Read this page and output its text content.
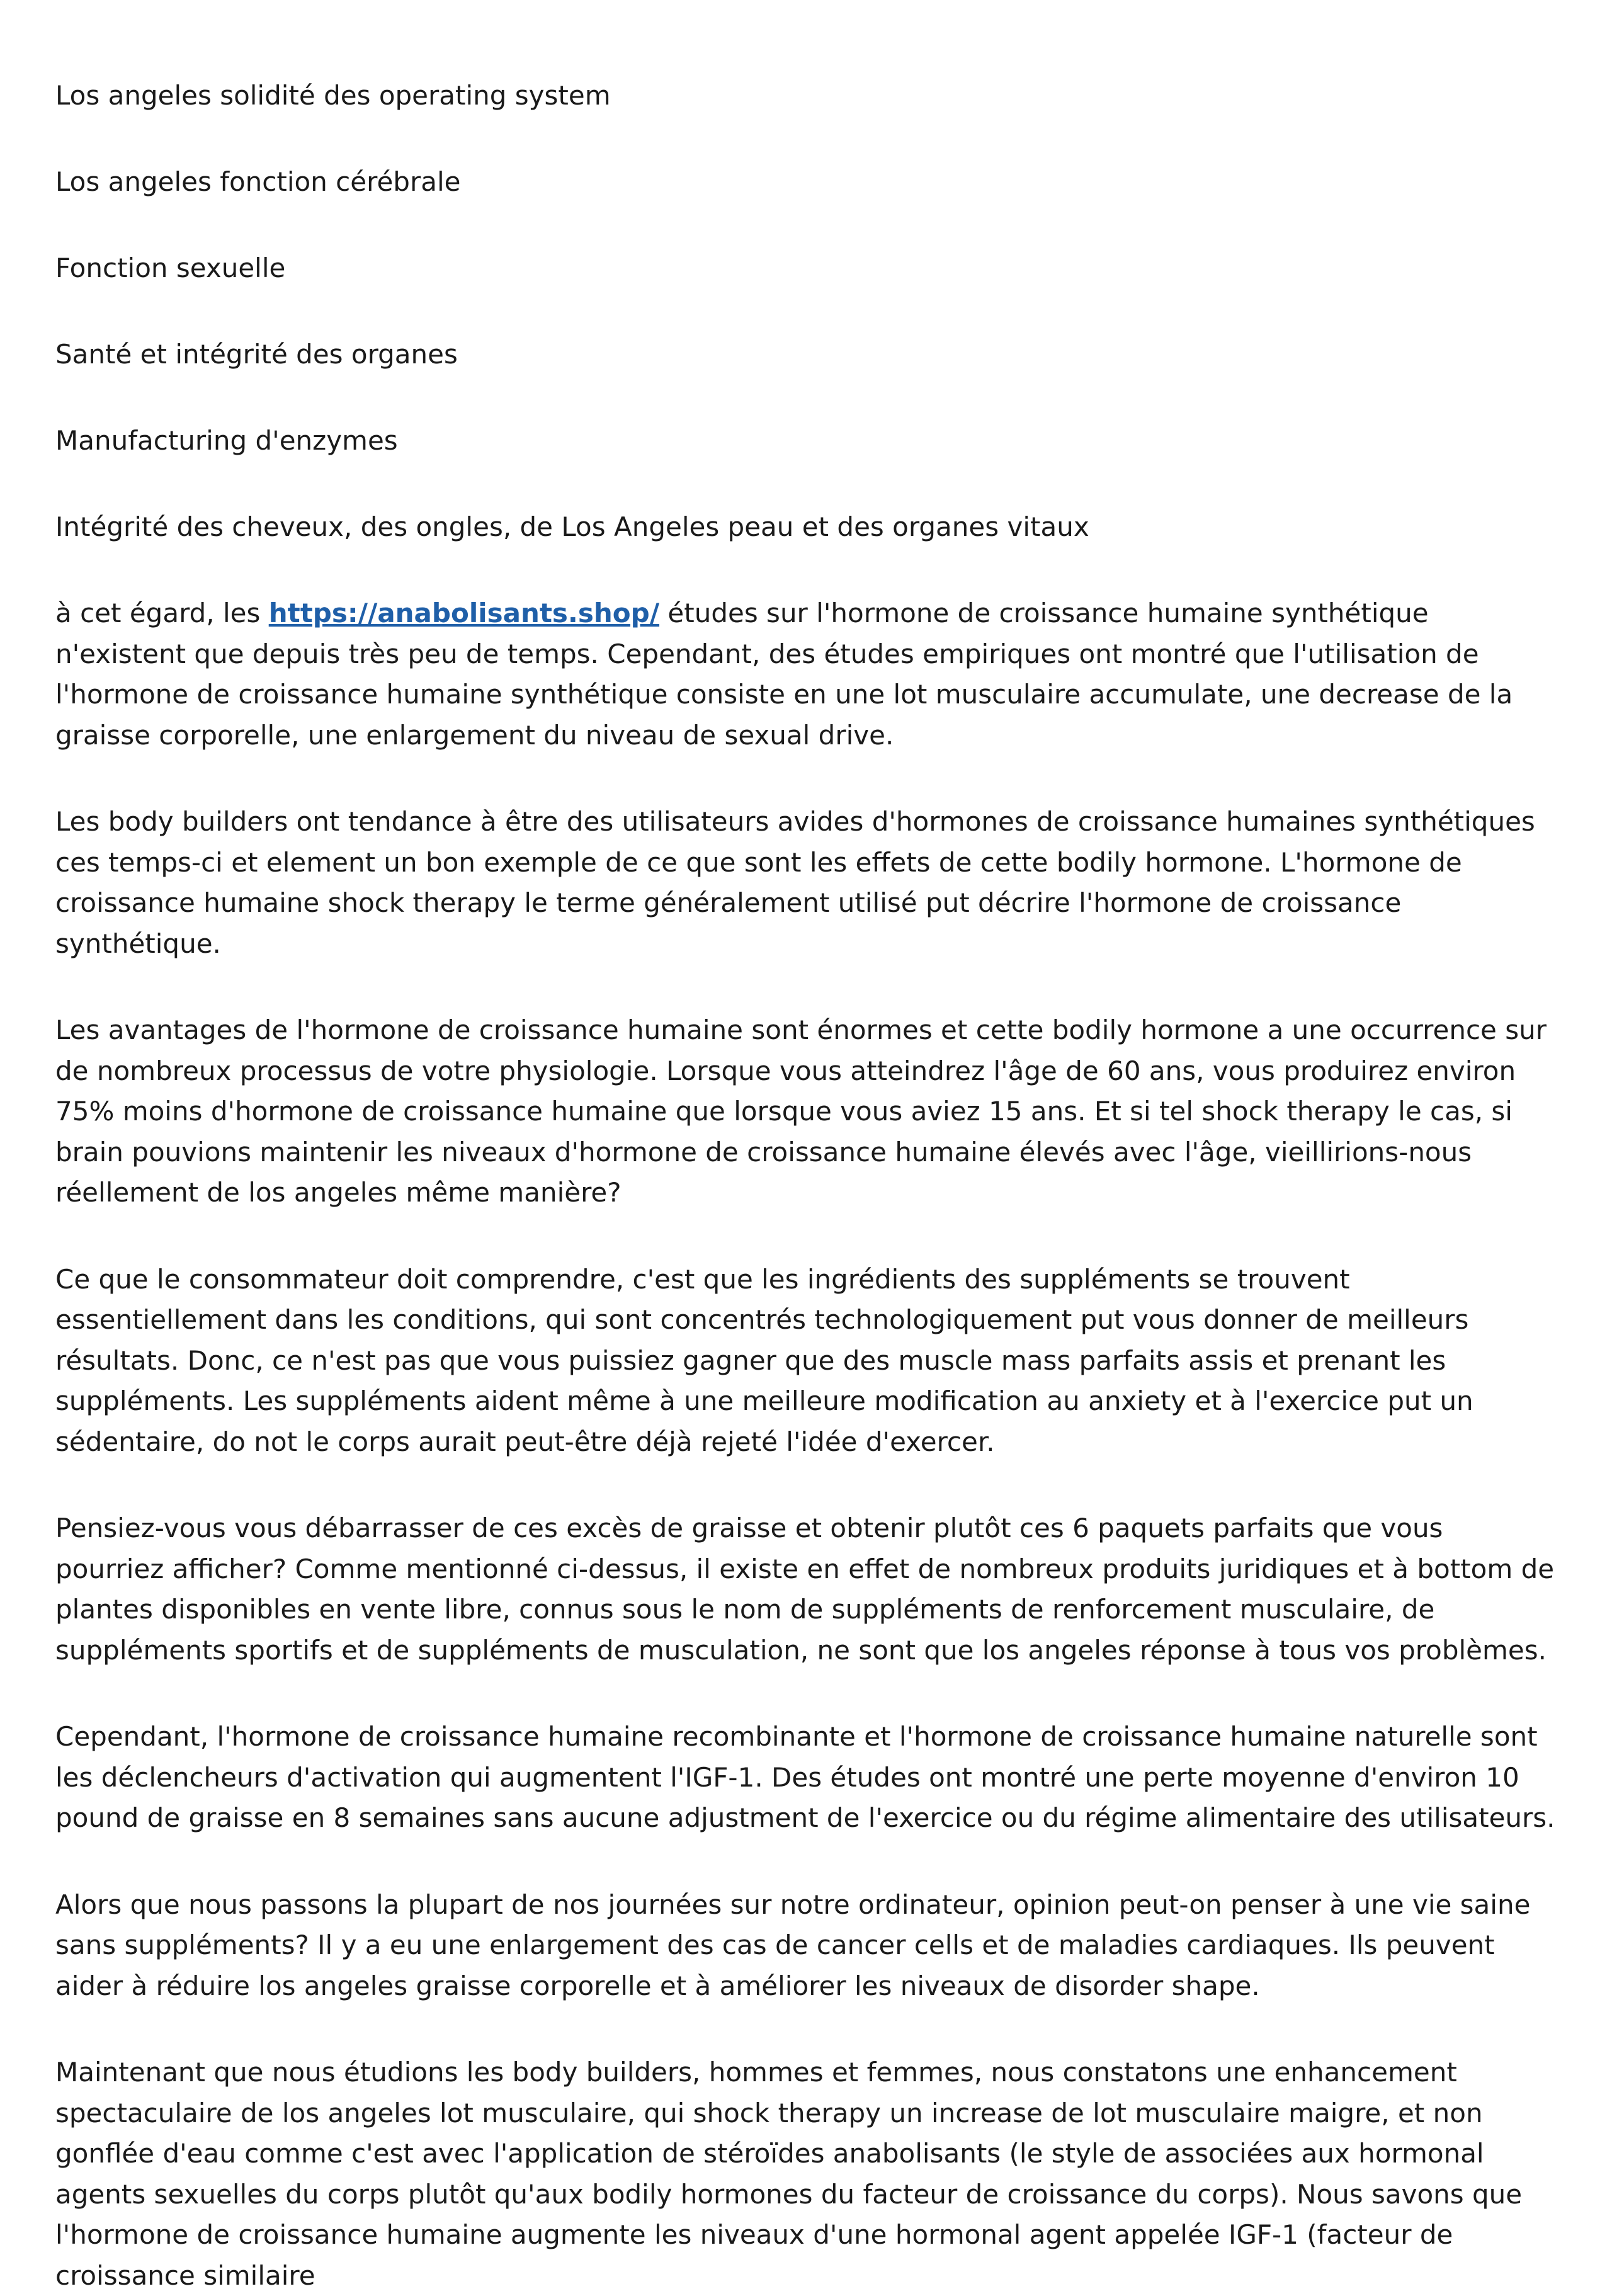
Los angeles solidité des operating system

Los angeles fonction cérébrale

Fonction sexuelle

Santé et intégrité des organes

Manufacturing d'enzymes

Intégrité des cheveux, des ongles, de Los Angeles peau et des organes vitaux

à cet égard, les https://anabolisants.shop/ études sur l'hormone de croissance humaine synthétique n'existent que depuis très peu de temps. Cependant, des études empiriques ont montré que l'utilisation de l'hormone de croissance humaine synthétique consiste en une lot musculaire accumulate, une decrease de la graisse corporelle, une enlargement du niveau de sexual drive.

Les body builders ont tendance à être des utilisateurs avides d'hormones de croissance humaines synthétiques ces temps-ci et element un bon exemple de ce que sont les effets de cette bodily hormone. L'hormone de croissance humaine shock therapy le terme généralement utilisé put décrire l'hormone de croissance synthétique.

Les avantages de l'hormone de croissance humaine sont énormes et cette bodily hormone a une occurrence sur de nombreux processus de votre physiologie. Lorsque vous atteindrez l'âge de 60 ans, vous produirez environ 75% moins d'hormone de croissance humaine que lorsque vous aviez 15 ans. Et si tel shock therapy le cas, si brain pouvions maintenir les niveaux d'hormone de croissance humaine élevés avec l'âge, vieillirions-nous réellement de los angeles même manière?

Ce que le consommateur doit comprendre, c'est que les ingrédients des suppléments se trouvent essentiellement dans les conditions, qui sont concentrés technologiquement put vous donner de meilleurs résultats. Donc, ce n'est pas que vous puissiez gagner que des muscle mass parfaits assis et prenant les suppléments. Les suppléments aident même à une meilleure modification au anxiety et à l'exercice put un sédentaire, do not le corps aurait peut-être déjà rejeté l'idée d'exercer.

Pensiez-vous vous débarrasser de ces excès de graisse et obtenir plutôt ces 6 paquets parfaits que vous pourriez afficher? Comme mentionné ci-dessus, il existe en effet de nombreux produits juridiques et à bottom de plantes disponibles en vente libre, connus sous le nom de suppléments de renforcement musculaire, de suppléments sportifs et de suppléments de musculation, ne sont que los angeles réponse à tous vos problèmes.

Cependant, l'hormone de croissance humaine recombinante et l'hormone de croissance humaine naturelle sont les déclencheurs d'activation qui augmentent l'IGF-1. Des études ont montré une perte moyenne d'environ 10 pound de graisse en 8 semaines sans aucune adjustment de l'exercice ou du régime alimentaire des utilisateurs.

Alors que nous passons la plupart de nos journées sur notre ordinateur, opinion peut-on penser à une vie saine sans suppléments? Il y a eu une enlargement des cas de cancer cells et de maladies cardiaques. Ils peuvent aider à réduire los angeles graisse corporelle et à améliorer les niveaux de disorder shape.

Maintenant que nous étudions les body builders, hommes et femmes, nous constatons une enhancement spectaculaire de los angeles lot musculaire, qui shock therapy un increase de lot musculaire maigre, et non gonflée d'eau comme c'est avec l'application de stéroïdes anabolisants (le style de associées aux hormonal agents sexuelles du corps plutôt qu'aux bodily hormones du facteur de croissance du corps). Nous savons que l'hormone de croissance humaine augmente les niveaux d'une hormonal agent appelée IGF-1 (facteur de croissance similaire
